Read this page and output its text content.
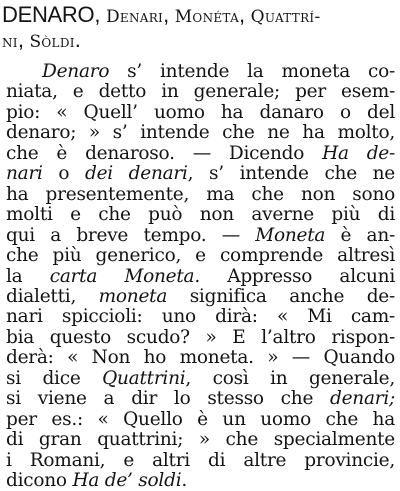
DENARO, Denari, Monéta, Quattrí-
ni, Sòldi.
Denaro s’ intende la moneta co-
niata, e detto in generale; per esem-
pio: « Quell’ uomo ha danaro o del
denaro; » s’ intende che ne ha molto,
che è denaroso. — Dicendo Ha de-
nari o dei denari, s’ intende che ne
ha presentemente, ma che non sono
molti e che può non averne più di
qui a breve tempo. — Moneta è an-
che più generico, e comprende altresì
la carta Moneta. Appresso alcuni
dialetti, moneta significa anche de-
nari spiccioli: uno dirà: « Mi cam-
bia questo scudo? » E l’altro rispon-
derà: « Non ho moneta. » — Quando
si dice Quattrini, così in generale,
si viene a dir lo stesso che denari;
per es.: « Quello è un uomo che ha
di gran quattrini; » che specialmente
i Romani, e altri di altre provincie,
dicono Ha de’ soldi.
